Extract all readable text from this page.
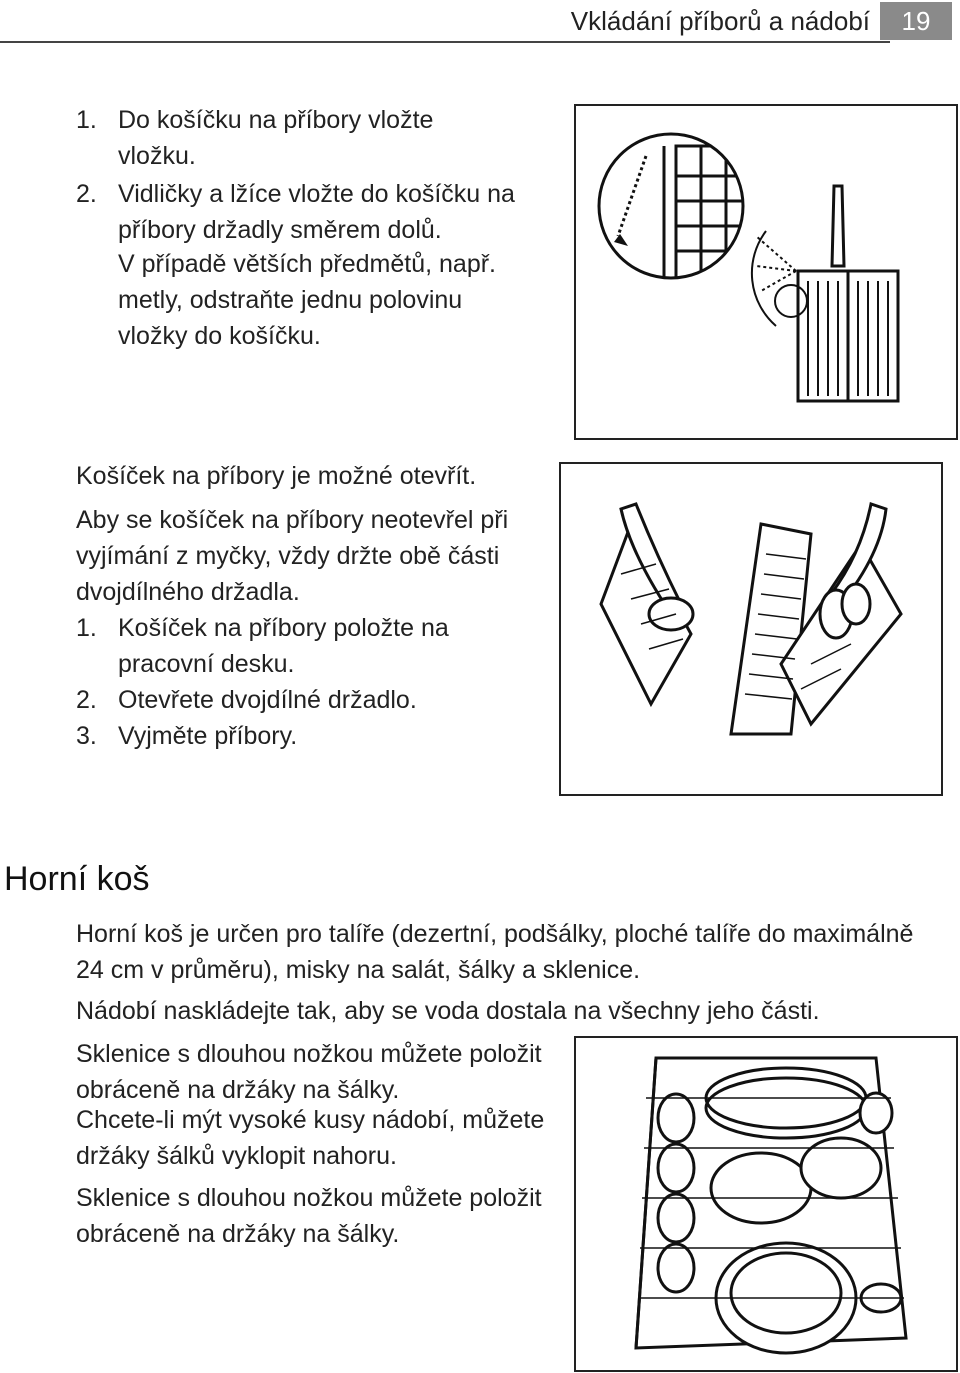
Vkládání příborů a nádobí	19
1. Do košíčku na příbory vložte vložku.
2. Vidličky a lžíce vložte do košíčku na příbory držadly směrem dolů.
V případě větších předmětů, např. metly, odstraňte jednu polovinu vložky do košíčku.
Košíček na příbory je možné otevřít.
Aby se košíček na příbory neotevřel při vyjímání z myčky, vždy držte obě části dvojdílného držadla.
1. Košíček na příbory položte na pracovní desku.
2. Otevřete dvojdílné držadlo.
3. Vyjměte příbory.
Horní koš
Horní koš je určen pro talíře (dezertní, podšálky, ploché talíře do maximálně 24 cm v průměru), misky na salát, šálky a sklenice.
Nádobí naskládejte tak, aby se voda dostala na všechny jeho části.
Sklenice s dlouhou nožkou můžete položit obráceně na držáky na šálky.
Chcete-li mýt vysoké kusy nádobí, můžete držáky šálků vyklopit nahoru.
Sklenice s dlouhou nožkou můžete položit obráceně na držáky na šálky.
